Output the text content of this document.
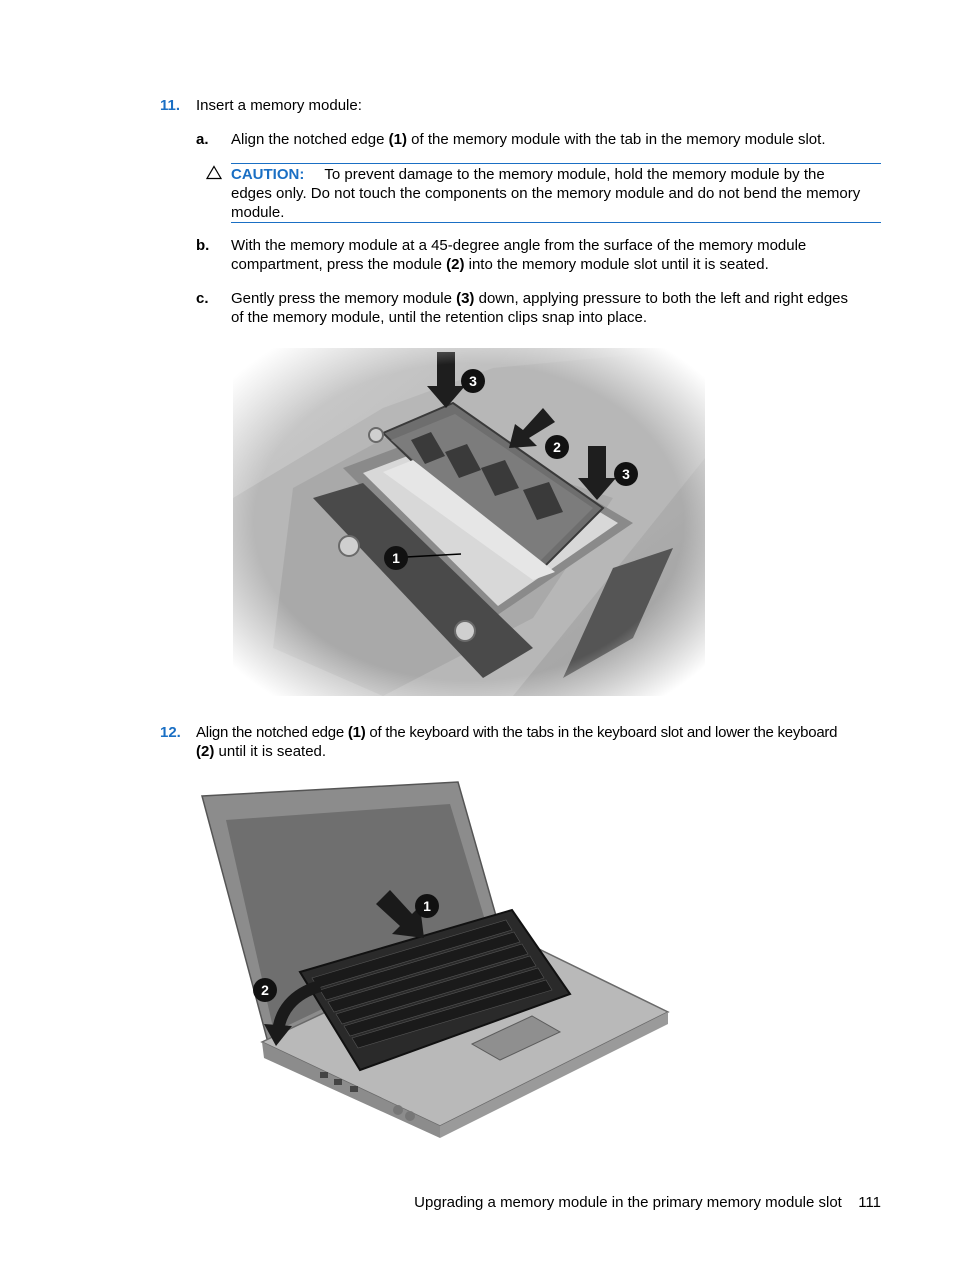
11. Insert a memory module:
a. Align the notched edge (1) of the memory module with the tab in the memory module slot.
CAUTION: To prevent damage to the memory module, hold the memory module by the
edges only. Do not touch the components on the memory module and do not bend the memory
module.
b. With the memory module at a 45-degree angle from the surface of the memory module
compartment, press the module (2) into the memory module slot until it is seated.
c. Gently press the memory module (3) down, applying pressure to both the left and right edges
of the memory module, until the retention clips snap into place.
1
2
3
3
12. Align the notched edge (1) of the keyboard with the tabs in the keyboard slot and lower the keyboard
(2) until it is seated.
1
2
Upgrading a memory module in the primary memory module slot 111
